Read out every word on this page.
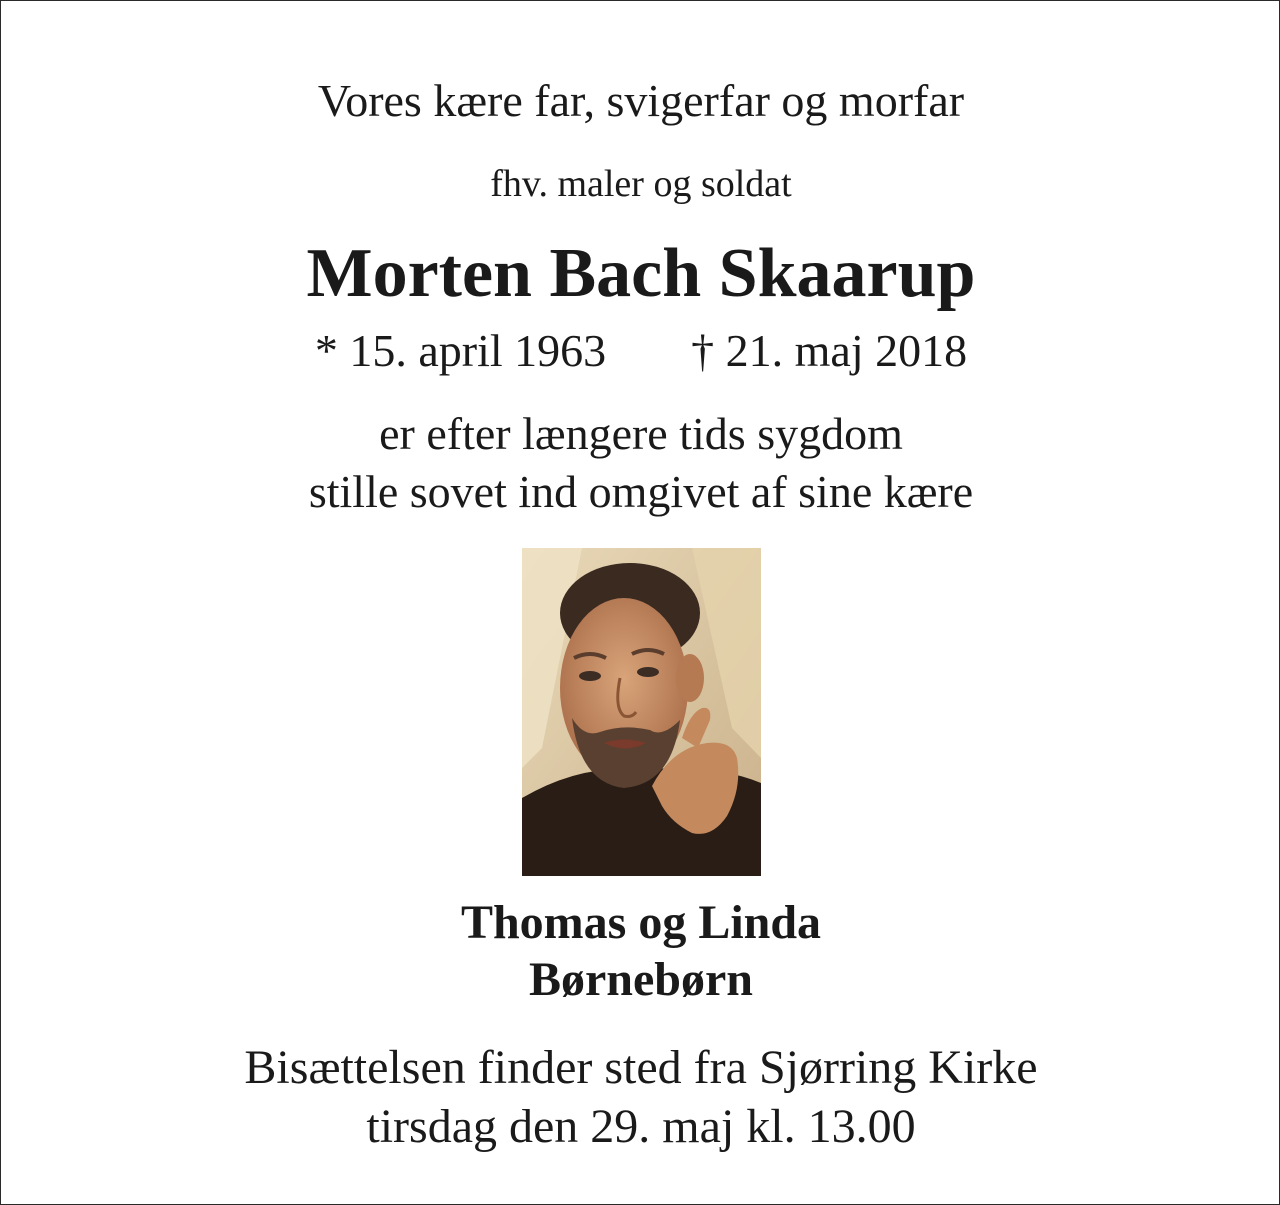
Vores kære far, svigerfar og morfar
fhv. maler og soldat
Morten Bach Skaarup
* 15. april 1963 † 21. maj 2018
er efter længere tids sygdom
stille sovet ind omgivet af sine kære
Thomas og Linda
Børnebørn
Bisættelsen finder sted fra Sjørring Kirke
tirsdag den 29. maj kl. 13.00
